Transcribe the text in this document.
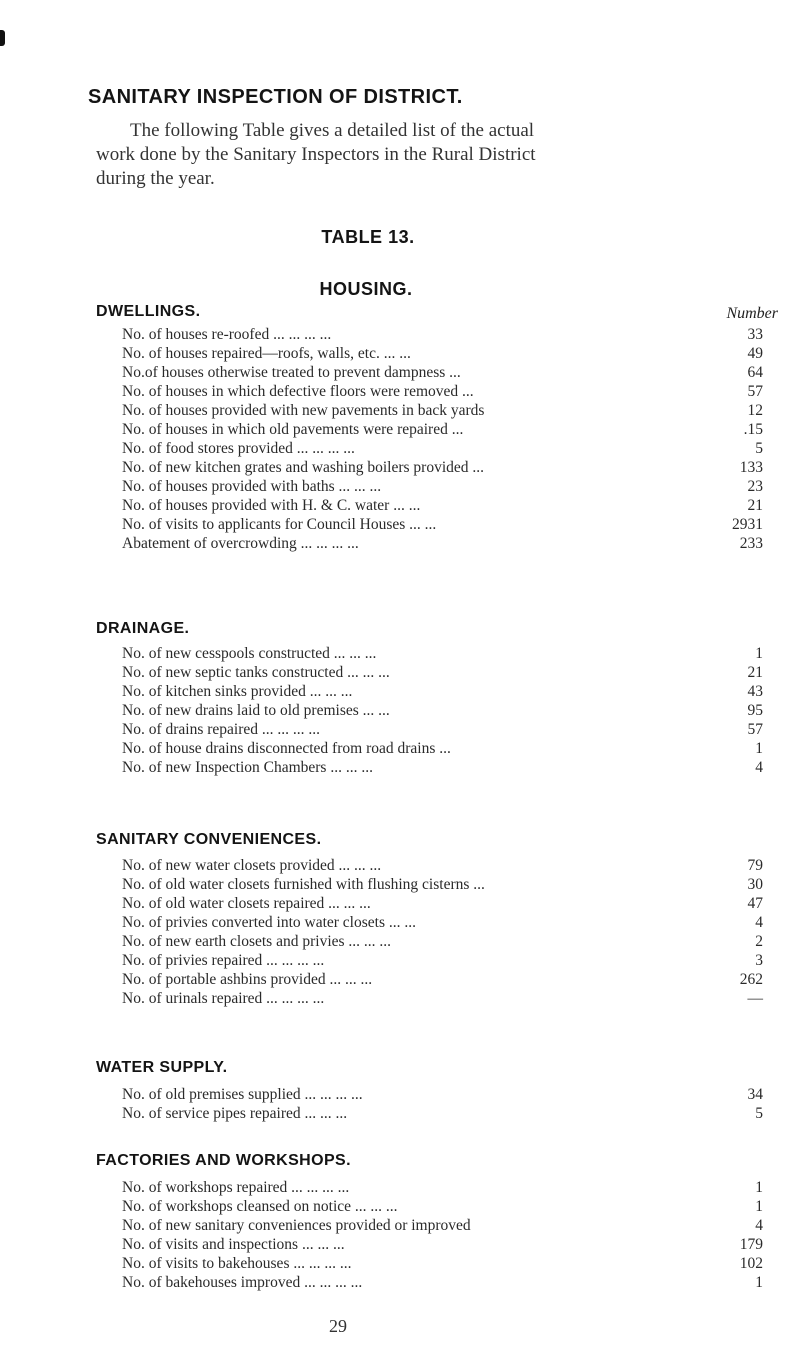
SANITARY INSPECTION OF DISTRICT.

The following Table gives a detailed list of the actual
work done by the Sanitary Inspectors in the Rural District
during the year.

TABLE 13.
HOUSING.
DWELLINGS.	Number
No. of houses re-roofed ... ... ... ...	33
No. of houses repaired—roofs, walls, etc. ... ...	49
No.of houses otherwise treated to prevent dampness ...	64
No. of houses in which defective floors were removed ...	57
No. of houses provided with new pavements in back yards	12
No. of houses in which old pavements were repaired ...	.15
No. of food stores provided ... ... ... ...	5
No. of new kitchen grates and washing boilers provided ...	133
No. of houses provided with baths ... ... ...	23
No. of houses provided with H. & C. water ... ...	21
No. of visits to applicants for Council Houses ... ...	2931
Abatement of overcrowding ... ... ... ...	233
DRAINAGE.
No. of new cesspools constructed ... ... ...	1
No. of new septic tanks constructed ... ... ...	21
No. of kitchen sinks provided ... ... ...	43
No. of new drains laid to old premises ... ...	95
No. of drains repaired ... ... ... ...	57
No. of house drains disconnected from road drains ...	1
No. of new Inspection Chambers ... ... ...	4
SANITARY CONVENIENCES.
No. of new water closets provided ... ... ...	79
No. of old water closets furnished with flushing cisterns ...	30
No. of old water closets repaired ... ... ...	47
No. of privies converted into water closets ... ...	4
No. of new earth closets and privies ... ... ...	2
No. of privies repaired ... ... ... ...	3
No. of portable ashbins provided ... ... ...	262
No. of urinals repaired ... ... ... ...	—
WATER SUPPLY.
No. of old premises supplied ... ... ... ...	34
No. of service pipes repaired ... ... ...	5
FACTORIES AND WORKSHOPS.
No. of workshops repaired ... ... ... ...	1
No. of workshops cleansed on notice ... ... ...	1
No. of new sanitary conveniences provided or improved	4
No. of visits and inspections ... ... ...	179
No. of visits to bakehouses ... ... ... ...	102
No. of bakehouses improved ... ... ... ...	1

29
